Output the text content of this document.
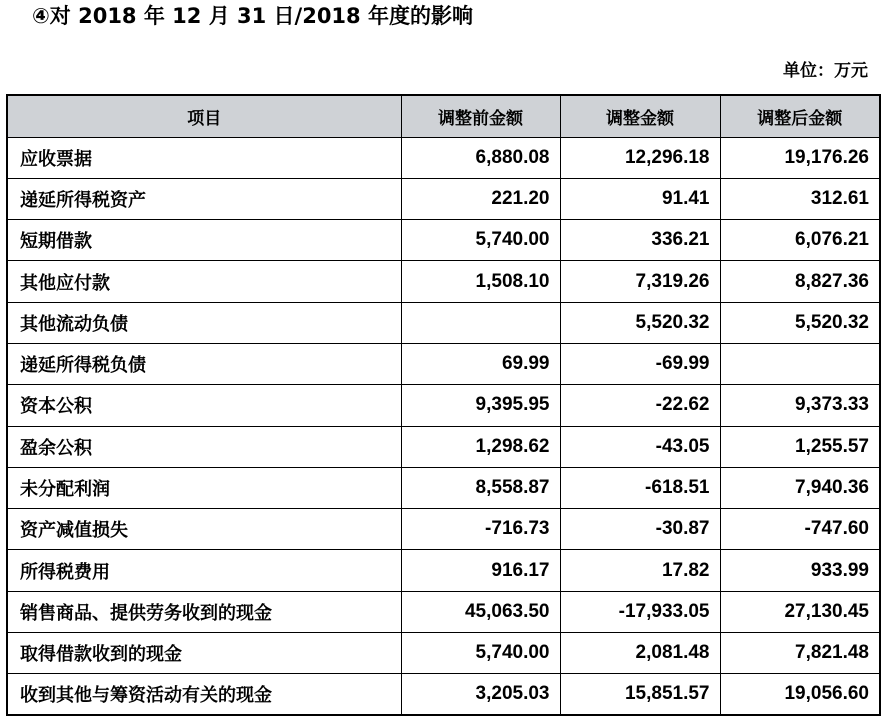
④对 2018 年 12 月 31 日/2018 年度的影响
单位：万元
项目	调整前金额	调整金额	调整后金额
应收票据	6,880.08	12,296.18	19,176.26
递延所得税资产	221.20	91.41	312.61
短期借款	5,740.00	336.21	6,076.21
其他应付款	1,508.10	7,319.26	8,827.36
其他流动负债		5,520.32	5,520.32
递延所得税负债	69.99	-69.99	
资本公积	9,395.95	-22.62	9,373.33
盈余公积	1,298.62	-43.05	1,255.57
未分配利润	8,558.87	-618.51	7,940.36
资产减值损失	-716.73	-30.87	-747.60
所得税费用	916.17	17.82	933.99
销售商品、提供劳务收到的现金	45,063.50	-17,933.05	27,130.45
取得借款收到的现金	5,740.00	2,081.48	7,821.48
收到其他与筹资活动有关的现金	3,205.03	15,851.57	19,056.60
